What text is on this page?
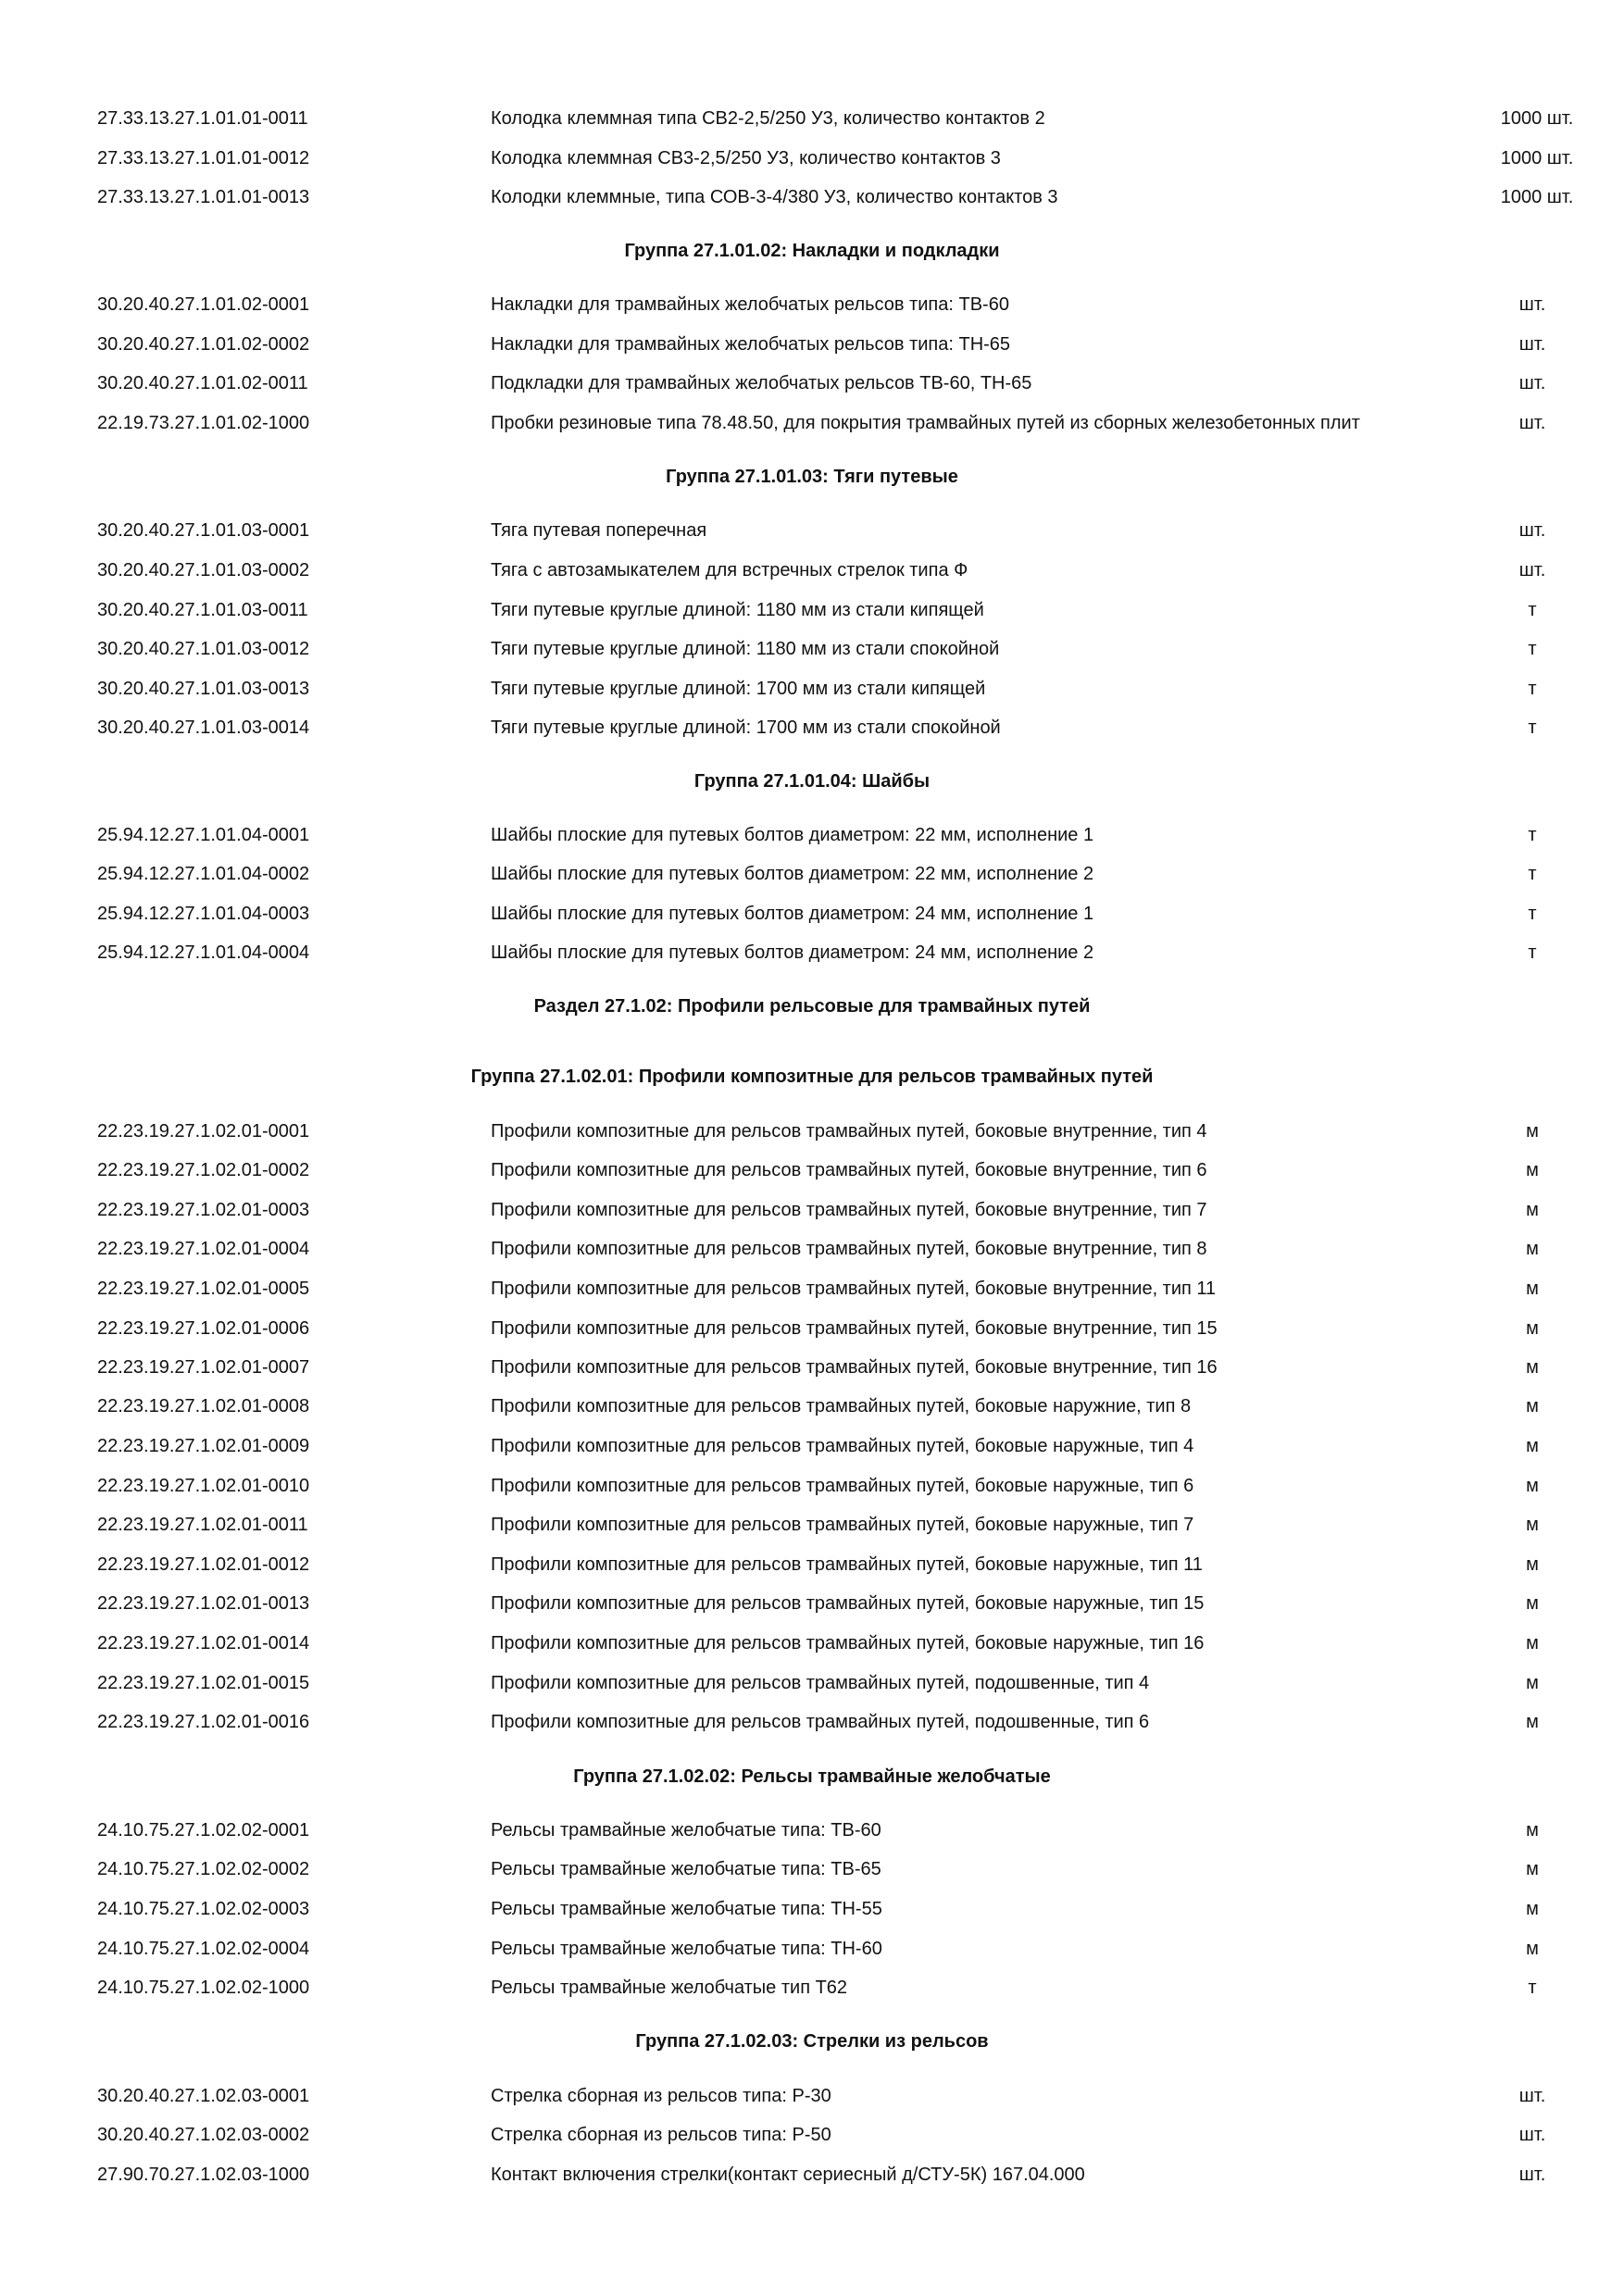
27.33.13.27.1.01.01-0011	Колодка клеммная типа СВ2-2,5/250 У3, количество контактов 2	1000 шт.
27.33.13.27.1.01.01-0012	Колодка клеммная СВ3-2,5/250 У3, количество контактов 3	1000 шт.
27.33.13.27.1.01.01-0013	Колодки клеммные, типа СОВ-3-4/380 У3, количество контактов 3	1000 шт.
Группа 27.1.01.02: Накладки и подкладки
30.20.40.27.1.01.02-0001	Накладки для трамвайных желобчатых рельсов типа: ТВ-60	шт.
30.20.40.27.1.01.02-0002	Накладки для трамвайных желобчатых рельсов типа: ТН-65	шт.
30.20.40.27.1.01.02-0011	Подкладки для трамвайных желобчатых рельсов ТВ-60, ТН-65	шт.
22.19.73.27.1.01.02-1000	Пробки резиновые типа 78.48.50, для покрытия трамвайных путей из сборных железобетонных плит	шт.
Группа 27.1.01.03: Тяги путевые
30.20.40.27.1.01.03-0001	Тяга путевая поперечная	шт.
30.20.40.27.1.01.03-0002	Тяга с автозамыкателем для встречных стрелок типа Ф	шт.
30.20.40.27.1.01.03-0011	Тяги путевые круглые длиной: 1180 мм из стали кипящей	т
30.20.40.27.1.01.03-0012	Тяги путевые круглые длиной: 1180 мм из стали спокойной	т
30.20.40.27.1.01.03-0013	Тяги путевые круглые длиной: 1700 мм из стали кипящей	т
30.20.40.27.1.01.03-0014	Тяги путевые круглые длиной: 1700 мм из стали спокойной	т
Группа 27.1.01.04: Шайбы
25.94.12.27.1.01.04-0001	Шайбы плоские для путевых болтов диаметром: 22 мм, исполнение 1	т
25.94.12.27.1.01.04-0002	Шайбы плоские для путевых болтов диаметром: 22 мм, исполнение 2	т
25.94.12.27.1.01.04-0003	Шайбы плоские для путевых болтов диаметром: 24 мм, исполнение 1	т
25.94.12.27.1.01.04-0004	Шайбы плоские для путевых болтов диаметром: 24 мм, исполнение 2	т
Раздел 27.1.02: Профили рельсовые для трамвайных путей
Группа 27.1.02.01: Профили композитные для рельсов трамвайных путей
22.23.19.27.1.02.01-0001	Профили композитные для рельсов трамвайных путей, боковые внутренние, тип 4	м
22.23.19.27.1.02.01-0002	Профили композитные для рельсов трамвайных путей, боковые внутренние, тип 6	м
22.23.19.27.1.02.01-0003	Профили композитные для рельсов трамвайных путей, боковые внутренние, тип 7	м
22.23.19.27.1.02.01-0004	Профили композитные для рельсов трамвайных путей, боковые внутренние, тип 8	м
22.23.19.27.1.02.01-0005	Профили композитные для рельсов трамвайных путей, боковые внутренние, тип 11	м
22.23.19.27.1.02.01-0006	Профили композитные для рельсов трамвайных путей, боковые внутренние, тип 15	м
22.23.19.27.1.02.01-0007	Профили композитные для рельсов трамвайных путей, боковые внутренние, тип 16	м
22.23.19.27.1.02.01-0008	Профили композитные для рельсов трамвайных путей, боковые наружние, тип 8	м
22.23.19.27.1.02.01-0009	Профили композитные для рельсов трамвайных путей, боковые наружные, тип 4	м
22.23.19.27.1.02.01-0010	Профили композитные для рельсов трамвайных путей, боковые наружные, тип 6	м
22.23.19.27.1.02.01-0011	Профили композитные для рельсов трамвайных путей, боковые наружные, тип 7	м
22.23.19.27.1.02.01-0012	Профили композитные для рельсов трамвайных путей, боковые наружные, тип 11	м
22.23.19.27.1.02.01-0013	Профили композитные для рельсов трамвайных путей, боковые наружные, тип 15	м
22.23.19.27.1.02.01-0014	Профили композитные для рельсов трамвайных путей, боковые наружные, тип 16	м
22.23.19.27.1.02.01-0015	Профили композитные для рельсов трамвайных путей, подошвенные, тип 4	м
22.23.19.27.1.02.01-0016	Профили композитные для рельсов трамвайных путей, подошвенные, тип 6	м
Группа 27.1.02.02: Рельсы трамвайные желобчатые
24.10.75.27.1.02.02-0001	Рельсы трамвайные желобчатые типа: ТВ-60	м
24.10.75.27.1.02.02-0002	Рельсы трамвайные желобчатые типа: ТВ-65	м
24.10.75.27.1.02.02-0003	Рельсы трамвайные желобчатые типа: ТН-55	м
24.10.75.27.1.02.02-0004	Рельсы трамвайные желобчатые типа: ТН-60	м
24.10.75.27.1.02.02-1000	Рельсы трамвайные желобчатые тип Т62	т
Группа 27.1.02.03: Стрелки из рельсов
30.20.40.27.1.02.03-0001	Стрелка сборная из рельсов типа: Р-30	шт.
30.20.40.27.1.02.03-0002	Стрелка сборная из рельсов типа: Р-50	шт.
27.90.70.27.1.02.03-1000	Контакт включения стрелки(контакт сериесный д/СТУ-5К) 167.04.000	шт.
